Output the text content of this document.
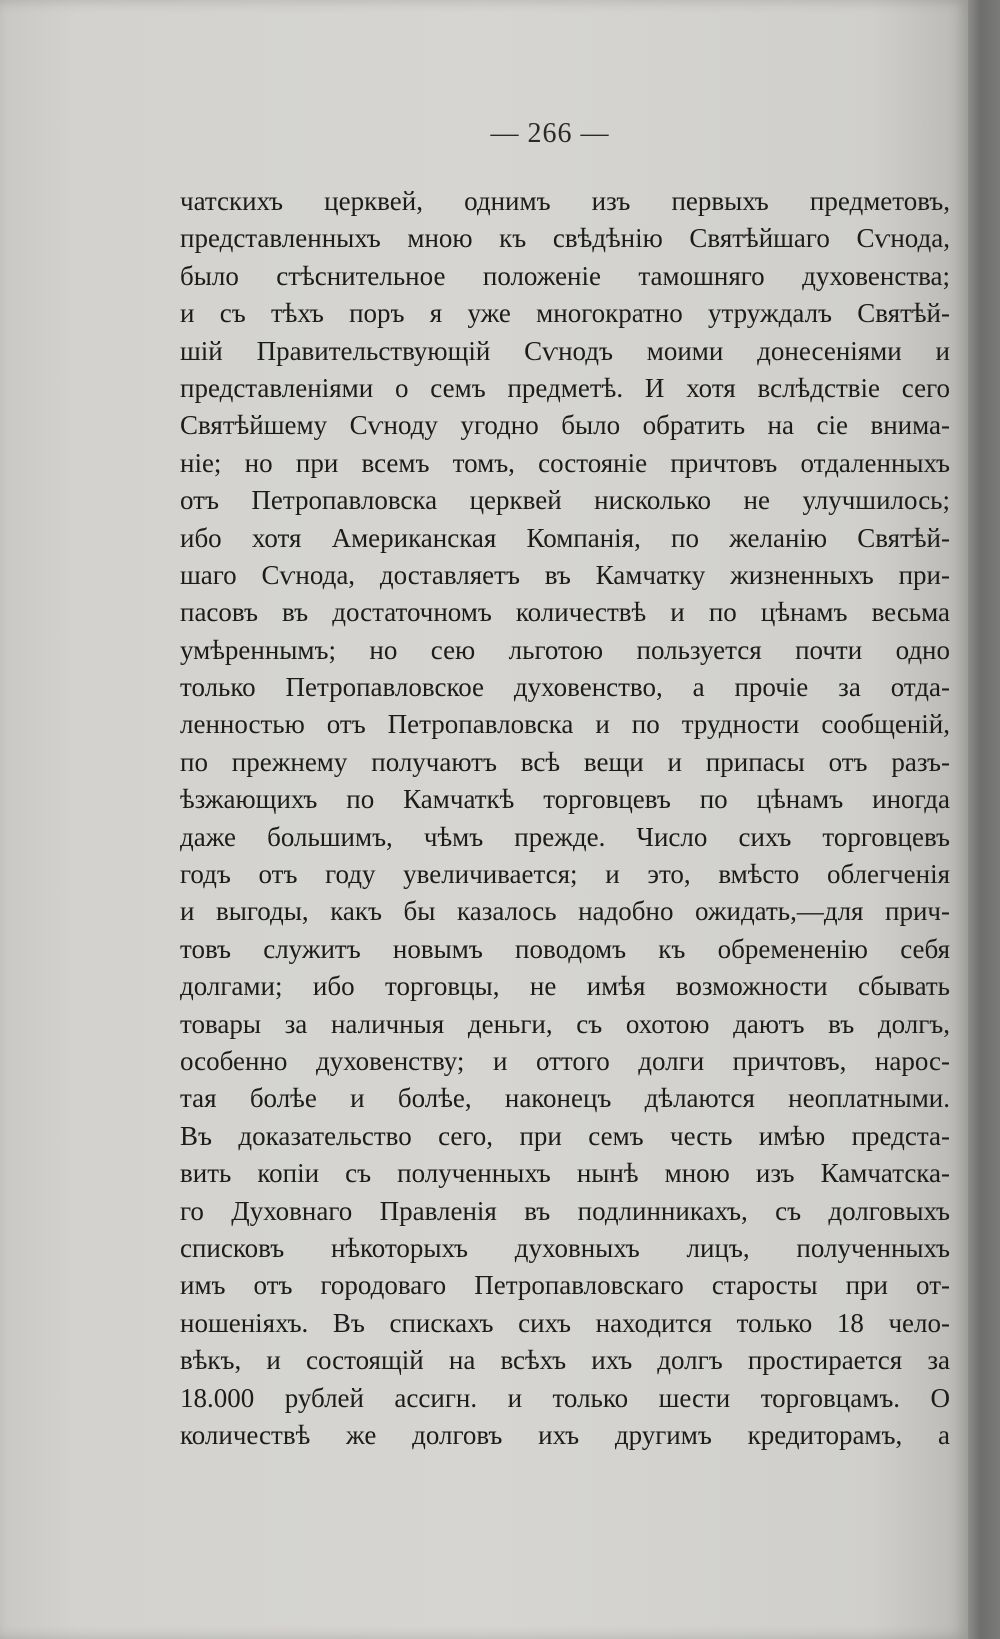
— 266 —
чатскихъ церквей, однимъ изъ первыхъ предметовъ,
представленныхъ мною къ свѣдѣнію Святѣйшаго Сѵнода,
было стѣснительное положеніе тамошняго духовенства;
и съ тѣхъ поръ я уже многократно утруждалъ Святѣй-
шій Правительствующій Сѵнодъ моими донесеніями и
представленіями о семъ предметѣ. И хотя вслѣдствіе сего
Святѣйшему Сѵноду угодно было обратить на сіе внима-
ніе; но при всемъ томъ, состояніе причтовъ отдаленныхъ
отъ Петропавловска церквей нисколько не улучшилось;
ибо хотя Американская Компанія, по желанію Святѣй-
шаго Сѵнода, доставляетъ въ Камчатку жизненныхъ при-
пасовъ въ достаточномъ количествѣ и по цѣнамъ весьма
умѣреннымъ; но сею льготою пользуется почти одно
только Петропавловское духовенство, а прочіе за отда-
ленностью отъ Петропавловска и по трудности сообщеній,
по прежнему получаютъ всѣ вещи и припасы отъ разъ-
ѣзжающихъ по Камчаткѣ торговцевъ по цѣнамъ иногда
даже большимъ, чѣмъ прежде. Число сихъ торговцевъ
годъ отъ году увеличивается; и это, вмѣсто облегченія
и выгоды, какъ бы казалось надобно ожидать,—для прич-
товъ служитъ новымъ поводомъ къ обремененію себя
долгами; ибо торговцы, не имѣя возможности сбывать
товары за наличныя деньги, съ охотою даютъ въ долгъ,
особенно духовенству; и оттого долги причтовъ, нарос-
тая болѣе и болѣе, наконецъ дѣлаются неоплатными.
Въ доказательство сего, при семъ честь имѣю предста-
вить копіи съ полученныхъ нынѣ мною изъ Камчатска-
го Духовнаго Правленія въ подлинникахъ, съ долговыхъ
списковъ нѣкоторыхъ духовныхъ лицъ, полученныхъ
имъ отъ городоваго Петропавловскаго старосты при от-
ношеніяхъ. Въ спискахъ сихъ находится только 18 чело-
вѣкъ, и состоящій на всѣхъ ихъ долгъ простирается за
18.000 рублей ассигн. и только шести торговцамъ. О
количествѣ же долговъ ихъ другимъ кредиторамъ, а
